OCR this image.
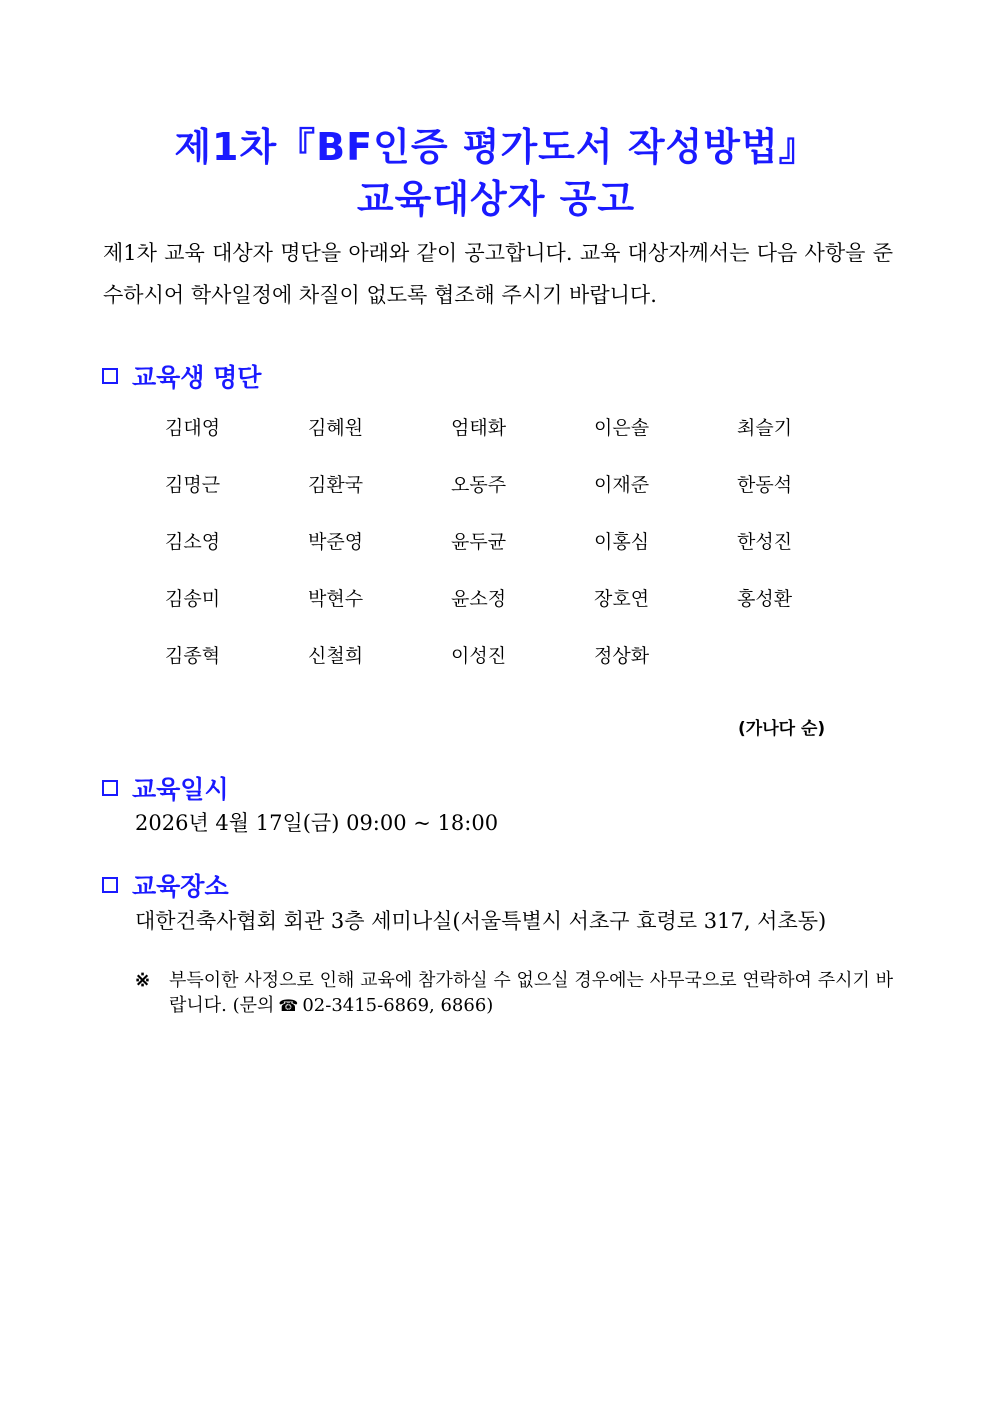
제1차『BF인증 평가도서 작성방법』
교육대상자 공고

제1차 교육 대상자 명단을 아래와 같이 공고합니다. 교육 대상자께서는 다음 사항을 준수하시어 학사일정에 차질이 없도록 협조해 주시기 바랍니다.

교육생 명단
김대영	김혜원	엄태화	이은솔	최슬기
김명근	김환국	오동주	이재준	한동석
김소영	박준영	윤두균	이홍심	한성진
김송미	박현수	윤소정	장호연	홍성환
김종혁	신철희	이성진	정상화
(가나다 순)
교육일시
2026년 4월 17일(금) 09:00 ~ 18:00
교육장소
대한건축사협회 회관 3층 세미나실(서울특별시 서초구 효령로 317, 서초동)
※	부득이한 사정으로 인해 교육에 참가하실 수 없으실 경우에는 사무국으로 연락하여 주시기 바랍니다. (문의 ☎ 02-3415-6869, 6866)
